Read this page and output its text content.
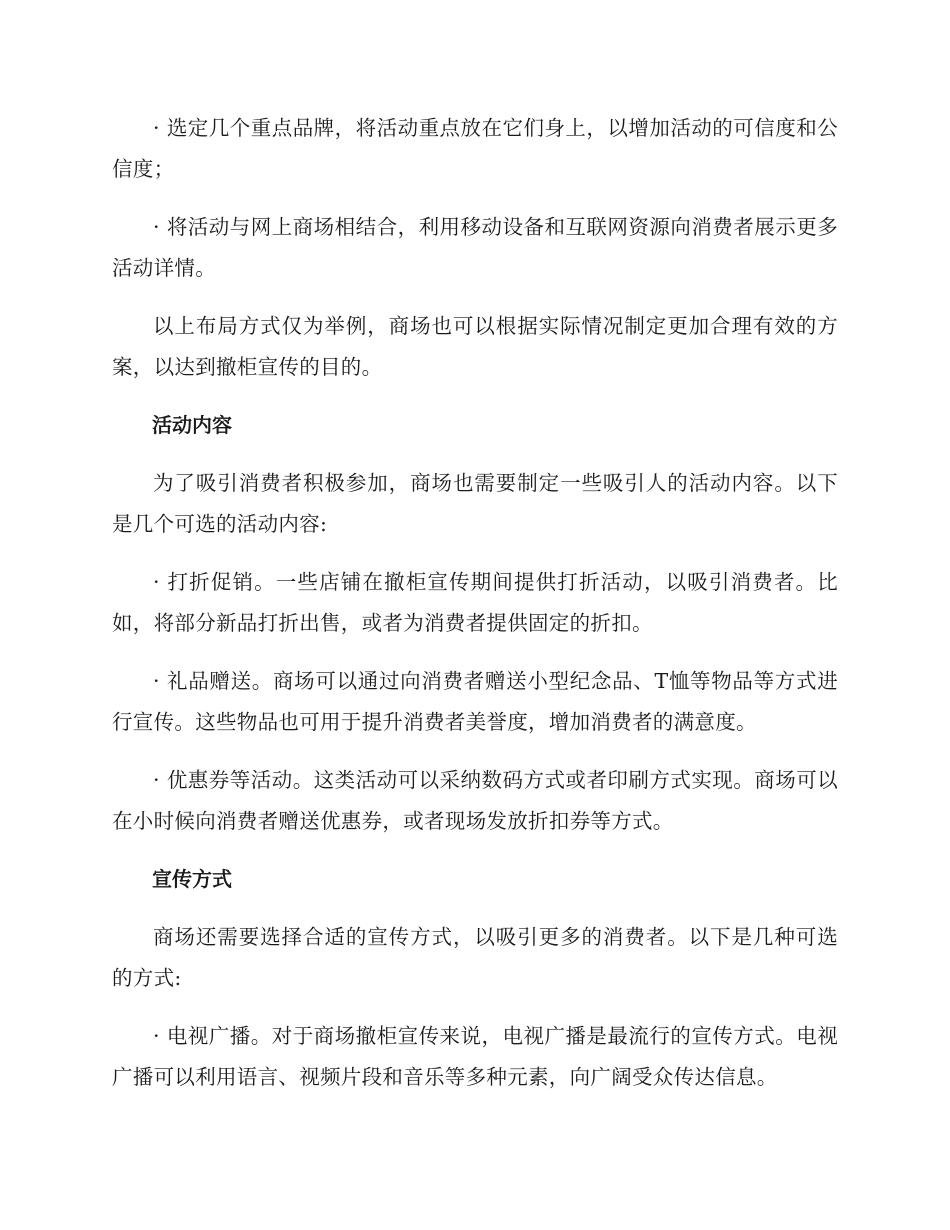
· 选定几个重点品牌，将活动重点放在它们身上，以增加活动的可信度和公信度；

· 将活动与网上商场相结合，利用移动设备和互联网资源向消费者展示更多活动详情。

以上布局方式仅为举例，商场也可以根据实际情况制定更加合理有效的方案，以达到撤柜宣传的目的。

活动内容

为了吸引消费者积极参加，商场也需要制定一些吸引人的活动内容。以下是几个可选的活动内容:

· 打折促销。一些店铺在撤柜宣传期间提供打折活动，以吸引消费者。比如，将部分新品打折出售，或者为消费者提供固定的折扣。

· 礼品赠送。商场可以通过向消费者赠送小型纪念品、T恤等物品等方式进行宣传。这些物品也可用于提升消费者美誉度，增加消费者的满意度。

· 优惠券等活动。这类活动可以采纳数码方式或者印刷方式实现。商场可以在小时候向消费者赠送优惠券，或者现场发放折扣券等方式。

宣传方式

商场还需要选择合适的宣传方式，以吸引更多的消费者。以下是几种可选的方式:

· 电视广播。对于商场撤柜宣传来说，电视广播是最流行的宣传方式。电视广播可以利用语言、视频片段和音乐等多种元素，向广阔受众传达信息。
